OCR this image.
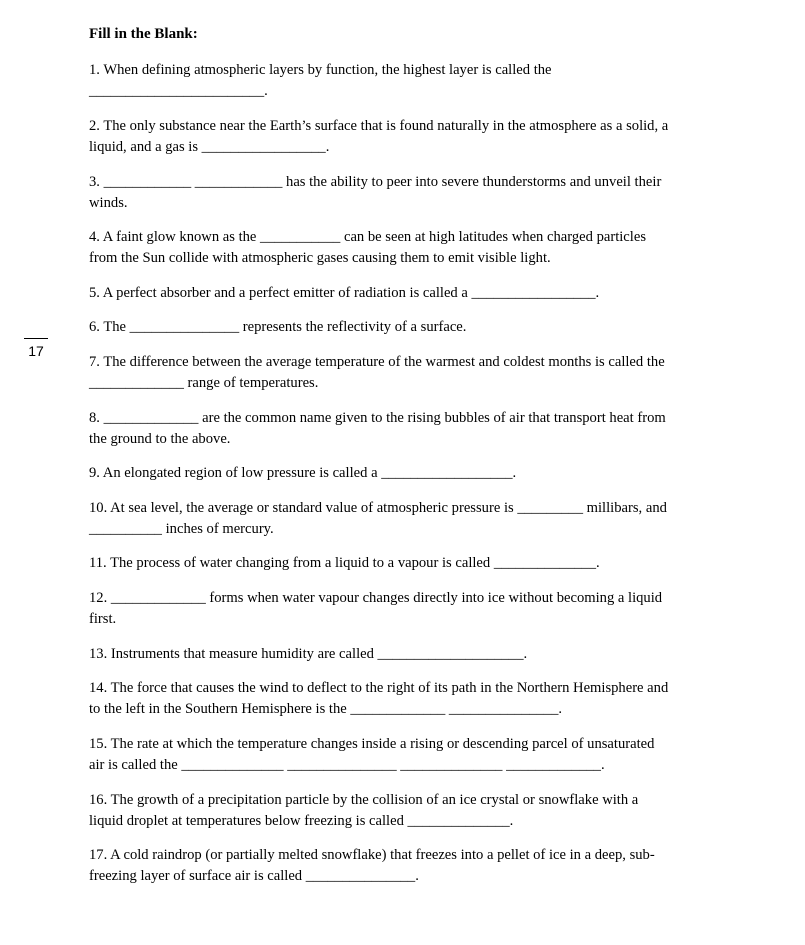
Fill in the Blank:
17

1. When defining atmospheric layers by function, the highest layer is called the

________________________.

2. The only substance near the Earth’s surface that is found naturally in the atmosphere as a solid, a

liquid, and a gas is _________________.

3. ____________ ____________ has the ability to peer into severe thunderstorms and unveil their

winds.

4. A faint glow known as the ___________ can be seen at high latitudes when charged particles

from the Sun collide with atmospheric gases causing them to emit visible light.

5. A perfect absorber and a perfect emitter of radiation is called a _________________.

6. The _______________ represents the reflectivity of a surface.

7. The difference between the average temperature of the warmest and coldest months is called the

_____________ range of temperatures.

8. _____________ are the common name given to the rising bubbles of air that transport heat from

the ground to the above.

9. An elongated region of low pressure is called a __________________.

10. At sea level, the average or standard value of atmospheric pressure is _________ millibars, and

__________ inches of mercury.

11. The process of water changing from a liquid to a vapour is called ______________.

12. _____________ forms when water vapour changes directly into ice without becoming a liquid

first.

13. Instruments that measure humidity are called ____________________.

14. The force that causes the wind to deflect to the right of its path in the Northern Hemisphere and

to the left in the Southern Hemisphere is the _____________ _______________.

15. The rate at which the temperature changes inside a rising or descending parcel of unsaturated

air is called the ______________ _______________ ______________ _____________.

16. The growth of a precipitation particle by the collision of an ice crystal or snowflake with a

liquid droplet at temperatures below freezing is called ______________.

17. A cold raindrop (or partially melted snowflake) that freezes into a pellet of ice in a deep, sub-

freezing layer of surface air is called _______________.
